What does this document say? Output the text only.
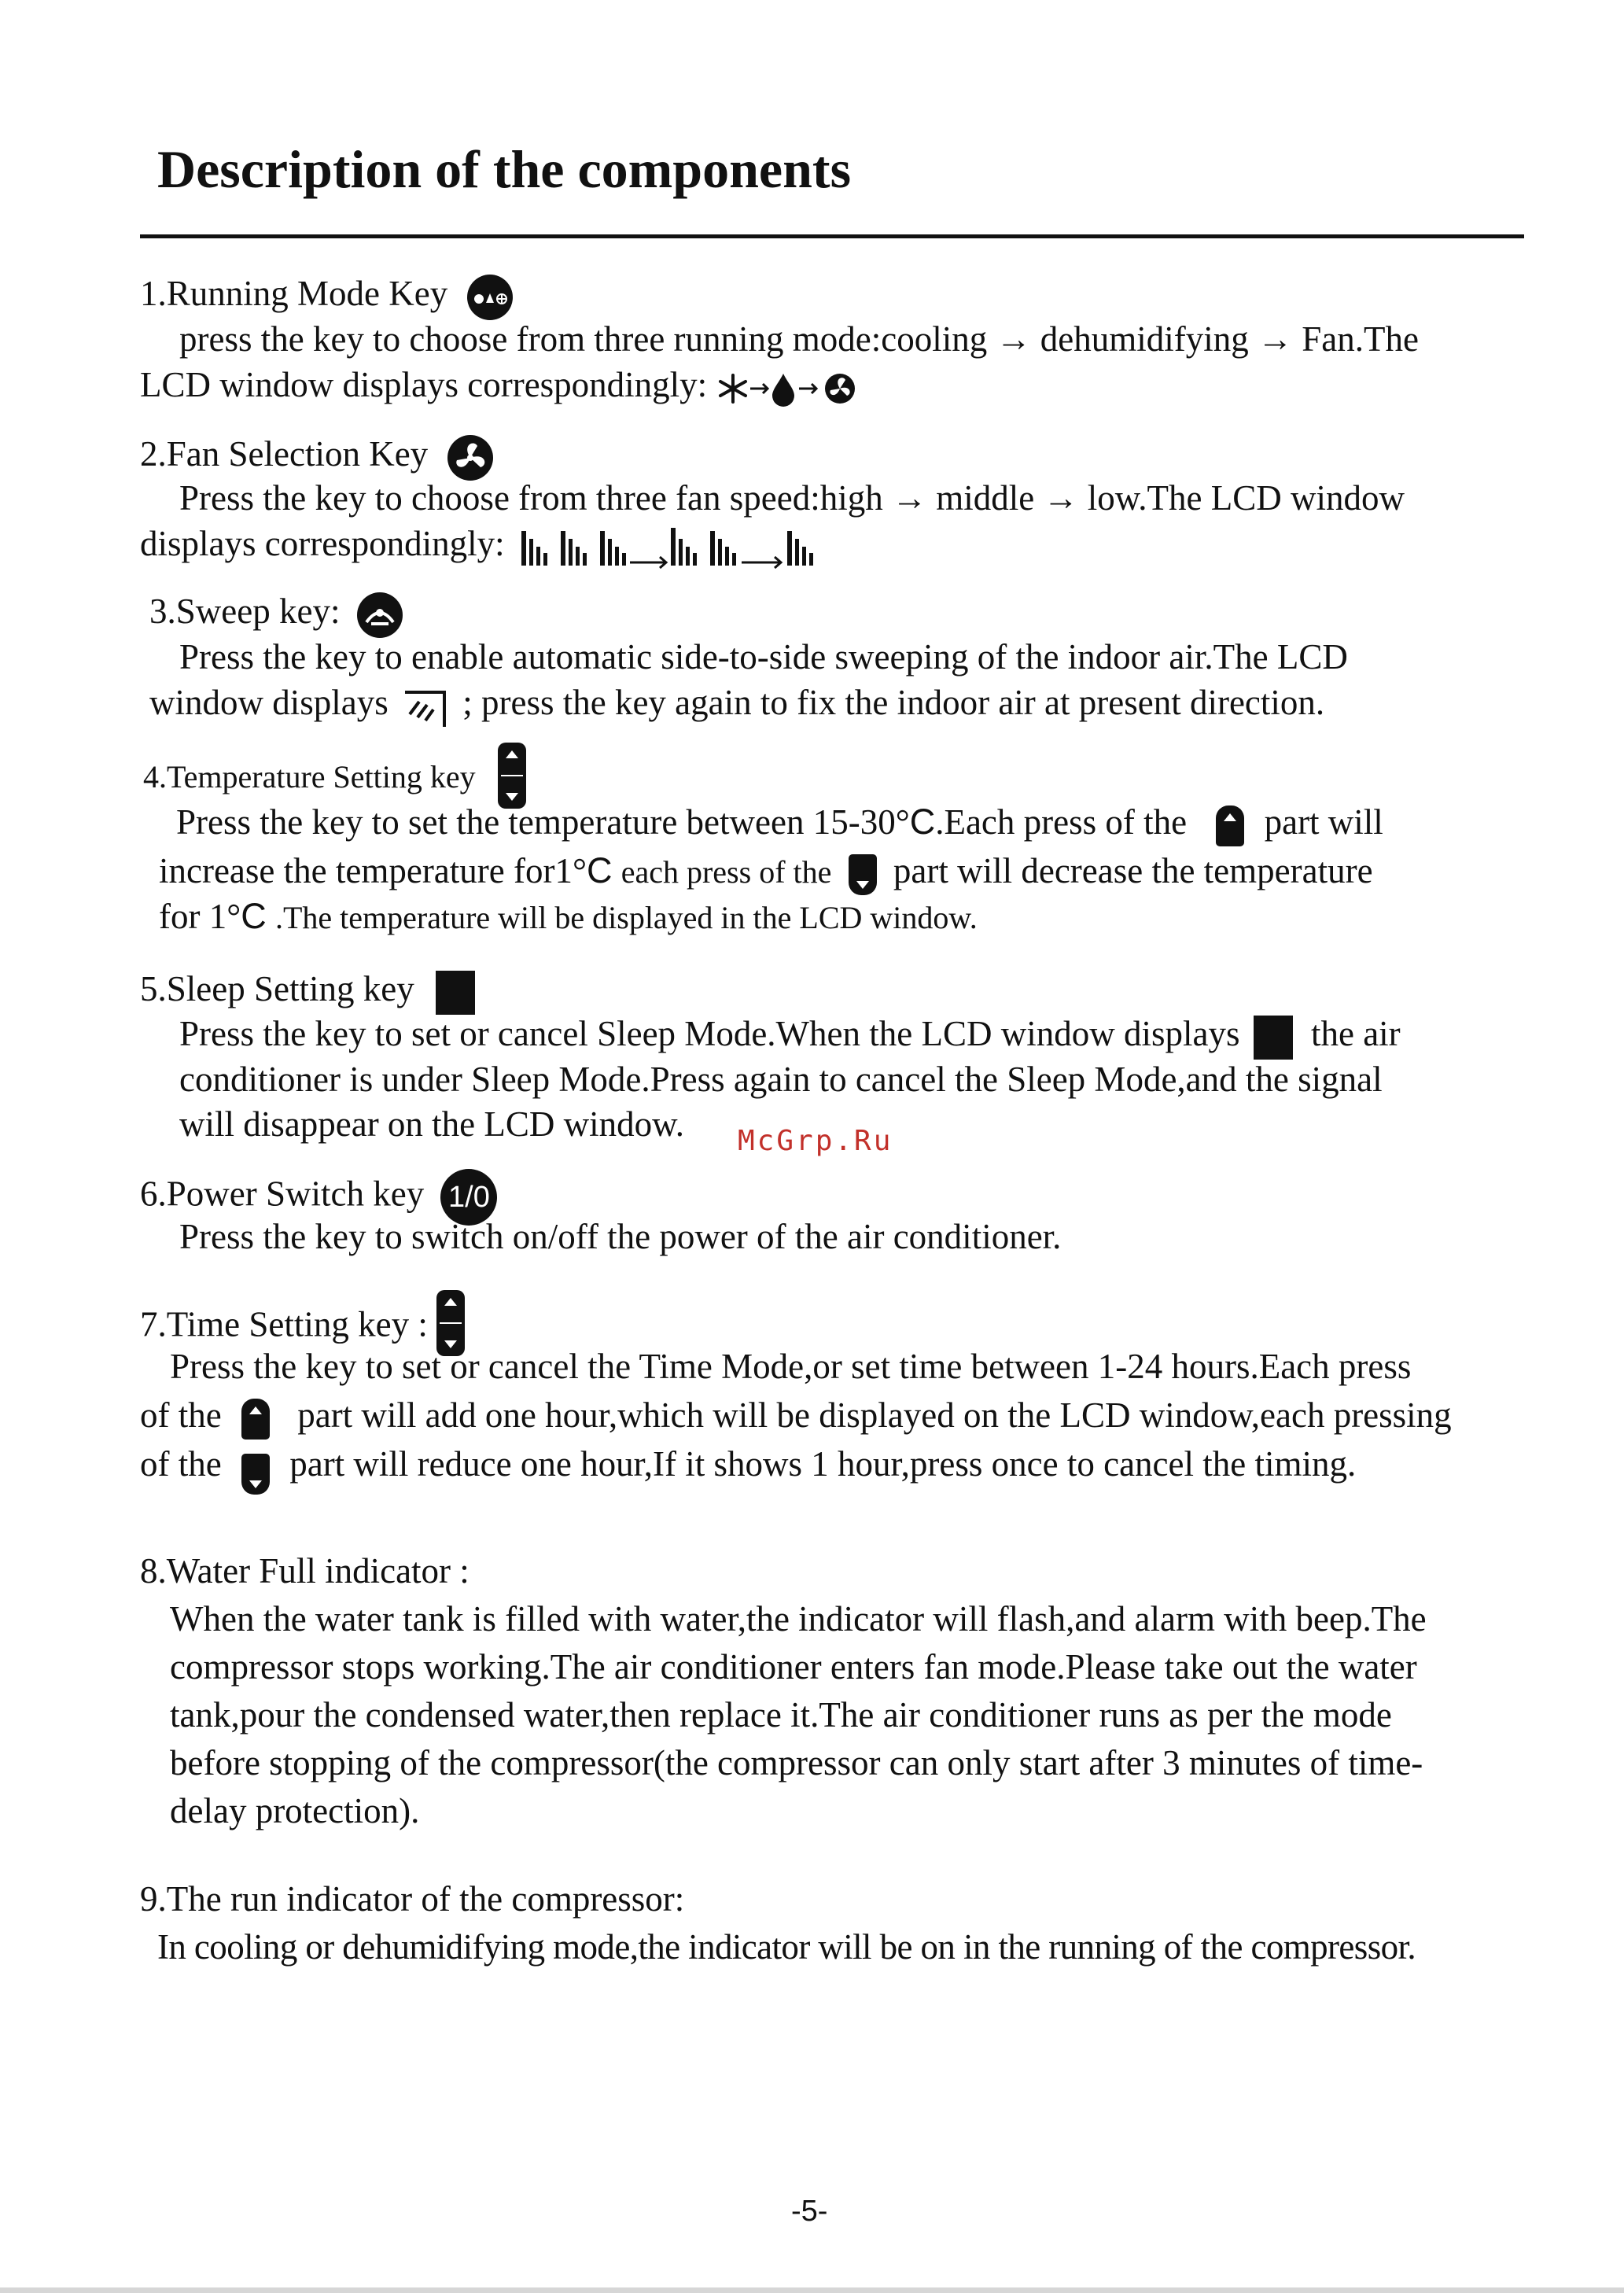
Description of the components
1.Running Mode Key
press the key to choose from three running mode:cooling → dehumidifying → Fan.The
LCD window displays correspondingly:
2.Fan Selection Key
Press the key to choose from three fan speed:high → middle → low.The LCD window
displays correspondingly:
3.Sweep key:
Press the key to enable automatic side-to-side sweeping of the indoor air.The LCD
window displays ; press the key again to fix the indoor air at present direction.
4.Temperature Setting key
Press the key to set the temperature between 15-30°C.Each press of the part will
increase the temperature for1°C each press of the part will decrease the temperature
for 1°C .The temperature will be displayed in the LCD window.
5.Sleep Setting key
Press the key to set or cancel Sleep Mode.When the LCD window displays the air
conditioner is under Sleep Mode.Press again to cancel the Sleep Mode,and the signal
will disappear on the LCD window. McGrp.Ru
6.Power Switch key 1/0
Press the key to switch on/off the power of the air conditioner.
7.Time Setting key :
Press the key to set or cancel the Time Mode,or set time between 1-24 hours.Each press
of the part will add one hour,which will be displayed on the LCD window,each pressing
of the part will reduce one hour,If it shows 1 hour,press once to cancel the timing.
8.Water Full indicator :
When the water tank is filled with water,the indicator will flash,and alarm with beep.The
compressor stops working.The air conditioner enters fan mode.Please take out the water
tank,pour the condensed water,then replace it.The air conditioner runs as per the mode
before stopping of the compressor(the compressor can only start after 3 minutes of time-
delay protection).
9.The run indicator of the compressor:
In cooling or dehumidifying mode,the indicator will be on in the running of the compressor.
-5-
